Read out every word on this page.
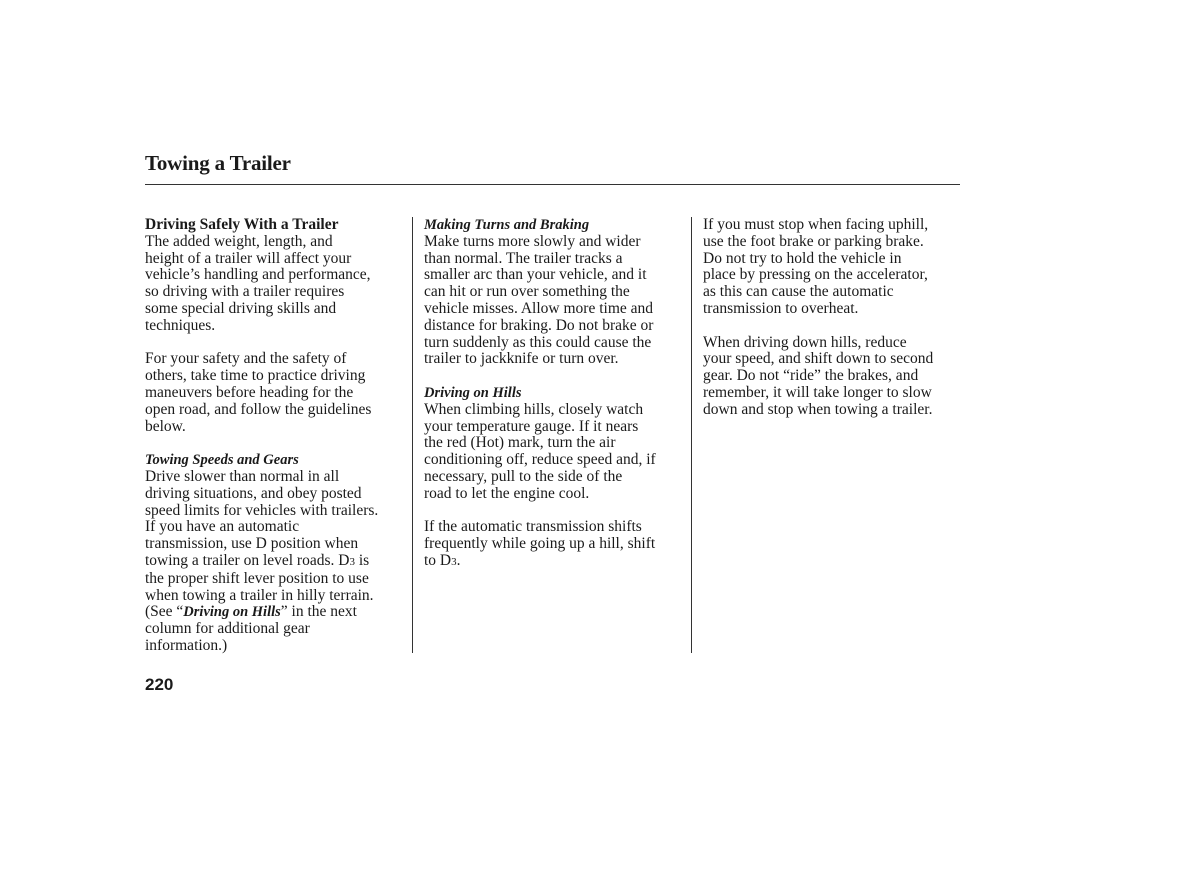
Towing a Trailer
Driving Safely With a Trailer
The added weight, length, and
height of a trailer will affect your
vehicle’s handling and performance,
so driving with a trailer requires
some special driving skills and
techniques.
For your safety and the safety of
others, take time to practice driving
maneuvers before heading for the
open road, and follow the guidelines
below.
Towing Speeds and Gears
Drive slower than normal in all
driving situations, and obey posted
speed limits for vehicles with trailers.
If you have an automatic
transmission, use D position when
towing a trailer on level roads. D3 is
the proper shift lever position to use
when towing a trailer in hilly terrain.
(See “Driving on Hills” in the next
column for additional gear
information.)
Making Turns and Braking
Make turns more slowly and wider
than normal. The trailer tracks a
smaller arc than your vehicle, and it
can hit or run over something the
vehicle misses. Allow more time and
distance for braking. Do not brake or
turn suddenly as this could cause the
trailer to jackknife or turn over.
Driving on Hills
When climbing hills, closely watch
your temperature gauge. If it nears
the red (Hot) mark, turn the air
conditioning off, reduce speed and, if
necessary, pull to the side of the
road to let the engine cool.
If the automatic transmission shifts
frequently while going up a hill, shift
to D3.
If you must stop when facing uphill,
use the foot brake or parking brake.
Do not try to hold the vehicle in
place by pressing on the accelerator,
as this can cause the automatic
transmission to overheat.
When driving down hills, reduce
your speed, and shift down to second
gear. Do not “ride” the brakes, and
remember, it will take longer to slow
down and stop when towing a trailer.
220
